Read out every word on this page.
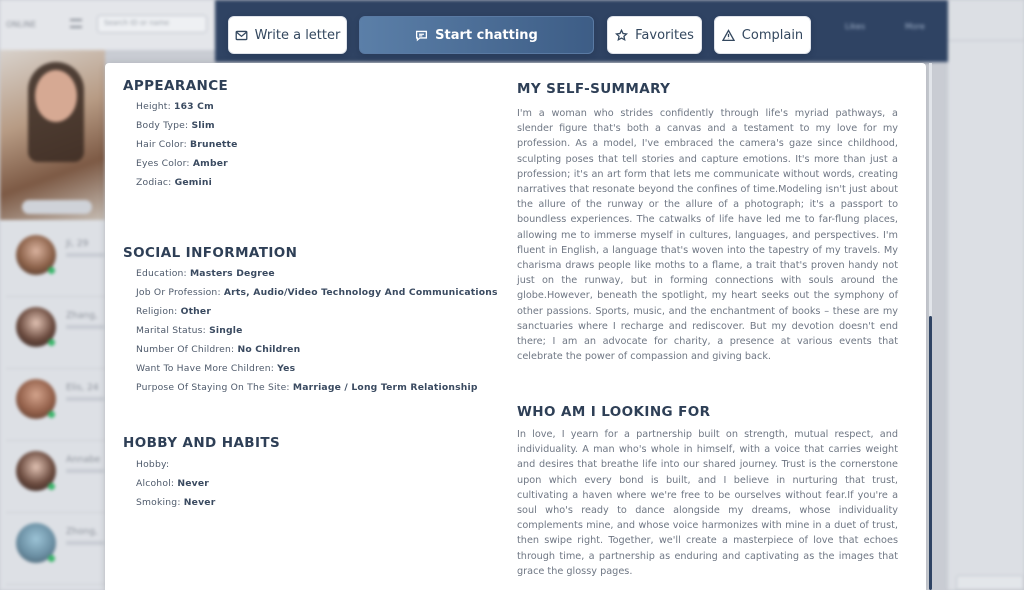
ONLINE	Search ID or name	Likes	More
Ji, 29
Zhang,
Elis, 24
Annabe
Zhong,
APPEARANCE
Height: 163 Cm
Body Type: Slim
Hair Color: Brunette
Eyes Color: Amber
Zodiac: Gemini
SOCIAL INFORMATION
Education: Masters Degree
Job Or Profession: Arts, Audio/Video Technology And Communications
Religion: Other
Marital Status: Single
Number Of Children: No Children
Want To Have More Children: Yes
Purpose Of Staying On The Site: Marriage / Long Term Relationship
HOBBY AND HABITS
Hobby:
Alcohol: Never
Smoking: Never
MY SELF-SUMMARY
I'm a woman who strides confidently through life's myriad pathways, a slender figure that's both a canvas and a testament to my love for my profession. As a model, I've embraced the camera's gaze since childhood, sculpting poses that tell stories and capture emotions. It's more than just a profession; it's an art form that lets me communicate without words, creating narratives that resonate beyond the confines of time.Modeling isn't just about the allure of the runway or the allure of a photograph; it's a passport to boundless experiences. The catwalks of life have led me to far-flung places, allowing me to immerse myself in cultures, languages, and perspectives. I'm fluent in English, a language that's woven into the tapestry of my travels. My charisma draws people like moths to a flame, a trait that's proven handy not just on the runway, but in forming connections with souls around the globe.However, beneath the spotlight, my heart seeks out the symphony of other passions. Sports, music, and the enchantment of books – these are my sanctuaries where I recharge and rediscover. But my devotion doesn't end there; I am an advocate for charity, a presence at various events that celebrate the power of compassion and giving back.
WHO AM I LOOKING FOR
In love, I yearn for a partnership built on strength, mutual respect, and individuality. A man who's whole in himself, with a voice that carries weight and desires that breathe life into our shared journey. Trust is the cornerstone upon which every bond is built, and I believe in nurturing that trust, cultivating a haven where we're free to be ourselves without fear.If you're a soul who's ready to dance alongside my dreams, whose individuality complements mine, and whose voice harmonizes with mine in a duet of trust, then swipe right. Together, we'll create a masterpiece of love that echoes through time, a partnership as enduring and captivating as the images that grace the glossy pages.
Write a letter	Start chatting	Favorites	Complain
